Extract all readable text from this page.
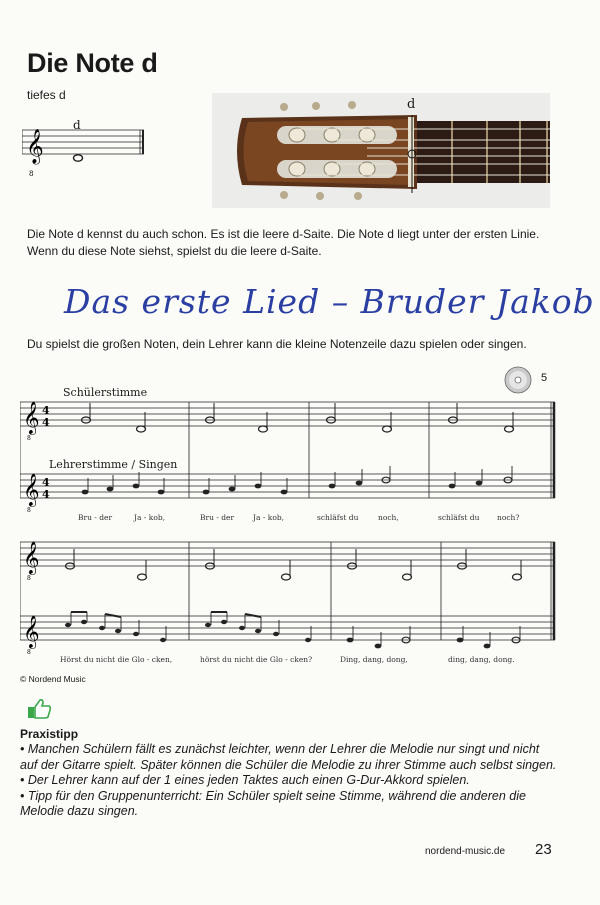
Die Note d
tiefes d
𝄞
8
d
d
Die Note d kennst du auch schon. Es ist die leere d-Saite. Die Note d liegt unter der ersten Linie. Wenn du diese Note siehst, spielst du die leere d-Saite.
Das erste Lied – Bruder Jakob
Du spielst die großen Noten, dein Lehrer kann die kleine Notenzeile dazu spielen oder singen.
5
Schülerstimme
Lehrerstimme / Singen
𝄞
𝄞
8
8
4
4
4
4
Bru - der	Ja - kob,	Bru - der	Ja - kob,	schläfst du	noch,	schläfst du noch?
𝄞
𝄞
8
8
Hörst du nicht die Glo - cken,	hörst du nicht die Glo - cken?	Ding, dang, dong,	ding, dang, dong.
© Nordend Music
Praxistipp
• Manchen Schülern fällt es zunächst leichter, wenn der Lehrer die Melodie nur singt und nicht auf der Gitarre spielt. Später können die Schüler die Melodie zu ihrer Stimme auch selbst singen.
• Der Lehrer kann auf der 1 eines jeden Taktes auch einen G-Dur-Akkord spielen.
• Tipp für den Gruppenunterricht: Ein Schüler spielt seine Stimme, während die anderen die Melodie dazu singen.
nordend-music.de 23
